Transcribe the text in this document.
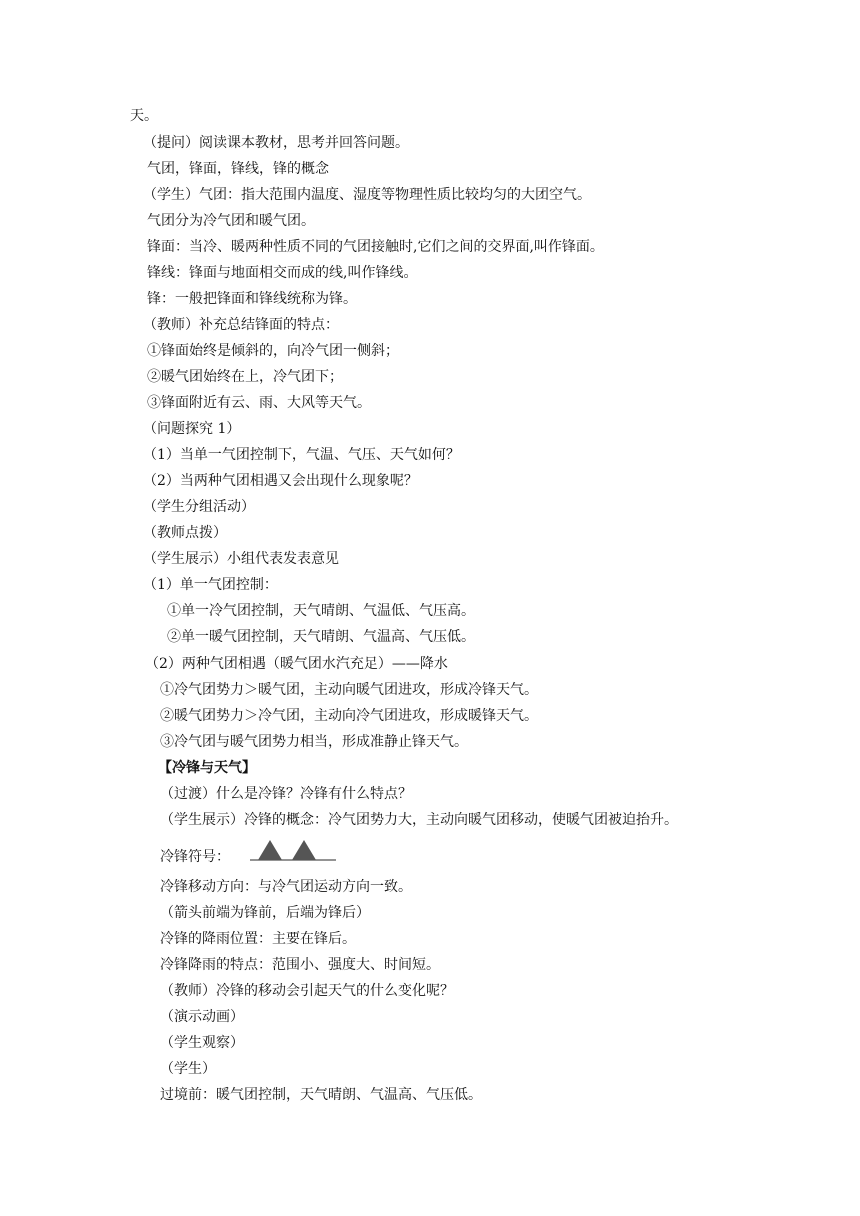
天。
（提问）阅读课本教材，思考并回答问题。
气团，锋面，锋线，锋的概念
（学生）气团：指大范围内温度、湿度等物理性质比较均匀的大团空气。
气团分为冷气团和暖气团。
锋面：当冷、暖两种性质不同的气团接触时,它们之间的交界面,叫作锋面。
锋线：锋面与地面相交而成的线,叫作锋线。
锋：一般把锋面和锋线统称为锋。
（教师）补充总结锋面的特点：
①锋面始终是倾斜的，向冷气团一侧斜；
②暖气团始终在上，冷气团下；
③锋面附近有云、雨、大风等天气。
（问题探究 1）
（1）当单一气团控制下，气温、气压、天气如何？
（2）当两种气团相遇又会出现什么现象呢？
（学生分组活动）
（教师点拨）
（学生展示）小组代表发表意见
（1）单一气团控制：
①单一冷气团控制，天气晴朗、气温低、气压高。
②单一暖气团控制，天气晴朗、气温高、气压低。
（2）两种气团相遇（暖气团水汽充足）——降水
①冷气团势力＞暖气团，主动向暖气团进攻，形成冷锋天气。
②暖气团势力＞冷气团，主动向冷气团进攻，形成暖锋天气。
③冷气团与暖气团势力相当，形成准静止锋天气。
【冷锋与天气】
（过渡）什么是冷锋？冷锋有什么特点？
（学生展示）冷锋的概念：冷气团势力大，主动向暖气团移动，使暖气团被迫抬升。
冷锋符号：
冷锋移动方向：与冷气团运动方向一致。
（箭头前端为锋前，后端为锋后）
冷锋的降雨位置：主要在锋后。
冷锋降雨的特点：范围小、强度大、时间短。
（教师）冷锋的移动会引起天气的什么变化呢？
（演示动画）
（学生观察）
（学生）
过境前：暖气团控制，天气晴朗、气温高、气压低。
